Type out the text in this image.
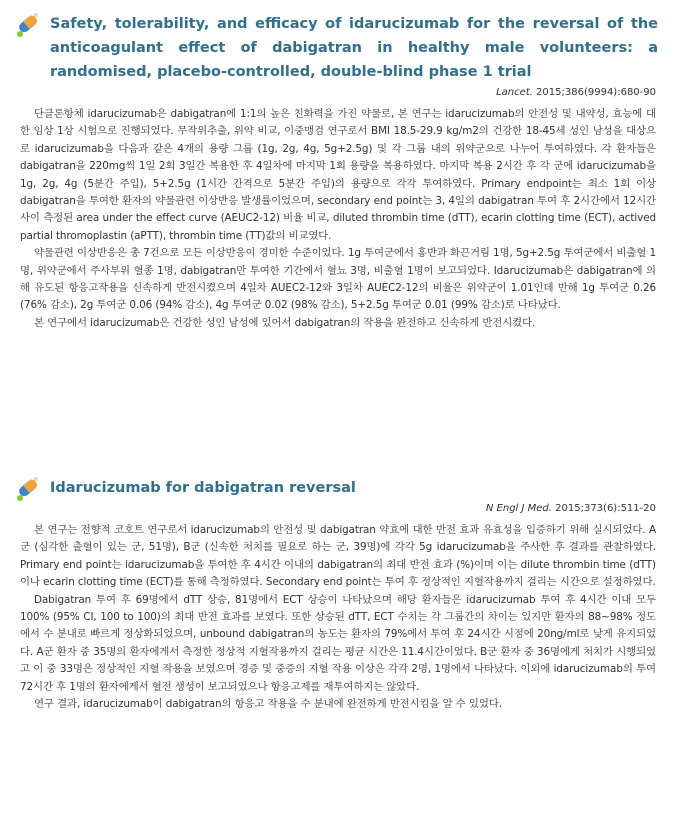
Safety, tolerability, and efficacy of idarucizumab for the reversal of the anticoagulant effect of dabigatran in healthy male volunteers: a randomised, placebo-controlled, double-blind phase 1 trial
Lancet. 2015;386(9994):680-90

단클론항체 idarucizumab은 dabigatran에 1:1의 높은 친화력을 가진 약물로, 본 연구는 idarucizumab의 안전성 및 내약성, 효능에 대한 임상 1상 시험으로 진행되었다. 무작위추출, 위약 비교, 이중맹검 연구로서 BMI 18.5-29.9 kg/m2의 건강한 18-45세 성인 남성을 대상으로 idarucizumab을 다음과 같은 4개의 용량 그룹 (1g, 2g, 4g, 5g+2.5g) 및 각 그룹 내의 위약군으로 나누어 투여하였다. 각 환자들은 dabigatran을 220mg씩 1일 2회 3일간 복용한 후 4일차에 마지막 1회 용량을 복용하였다. 마지막 복용 2시간 후 각 군에 idarucizumab을 1g, 2g, 4g (5분간 주입), 5+2.5g (1시간 간격으로 5분간 주입)의 용량으로 각각 투여하였다. Primary endpoint는 최소 1회 이상 dabigatran을 투여한 환자의 약물관련 이상반응 발생률이었으며, secondary end point는 3, 4일의 dabigatran 투여 후 2시간에서 12시간 사이 측정된 area under the effect curve (AEUC2-12) 비율 비교, diluted thrombin time (dTT), ecarin clotting time (ECT), actived partial thromoplastin (aPTT), thrombin time (TT)값의 비교였다.

약물관련 이상반응은 총 7건으로 모든 이상반응이 경미한 수준이었다. 1g 투여군에서 홍반과 화끈거림 1명, 5g+2.5g 투여군에서 비출혈 1명, 위약군에서 주사부위 혈종 1명, dabigatran만 투여한 기간에서 혈뇨 3명, 비출혈 1명이 보고되었다. Idarucizumab은 dabigatran에 의해 유도된 항응고작용을 신속하게 반전시켰으며 4일차 AUEC2-12와 3일차 AUEC2-12의 비율은 위약군이 1.01인데 반해 1g 투여군 0.26 (76% 감소), 2g 투여군 0.06 (94% 감소), 4g 투여군 0.02 (98% 감소), 5+2.5g 투여군 0.01 (99% 감소)로 나타났다.

본 연구에서 idarucizumab은 건강한 성인 남성에 있어서 dabigatran의 작용을 완전하고 신속하게 반전시켰다.

Idarucizumab for dabigatran reversal
N Engl J Med. 2015;373(6):511-20

본 연구는 전향적 코호트 연구로서 idarucizumab의 안전성 및 dabigatran 약효에 대한 반전 효과 유효성을 입증하기 위해 실시되었다. A군 (심각한 출혈이 있는 군, 51명), B군 (신속한 처치를 필요로 하는 군, 39명)에 각각 5g idarucizumab을 주사한 후 결과를 관찰하였다. Primary end point는 idarucizumab을 투여한 후 4시간 이내의 dabigatran의 최대 반전 효과 (%)이며 이는 dilute thrombin time (dTT) 이나 ecarin clotting time (ECT)를 통해 측정하였다. Secondary end point는 투여 후 정상적인 지혈작용까지 걸리는 시간으로 설정하였다.

Dabigatran 투여 후 69명에서 dTT 상승, 81명에서 ECT 상승이 나타났으며 해당 환자들은 idarucizumab 투여 후 4시간 이내 모두 100% (95% CI, 100 to 100)의 최대 반전 효과를 보였다. 또한 상승된 dTT, ECT 수치는 각 그룹간의 차이는 있지만 환자의 88~98% 정도에서 수 분내로 빠르게 정상화되었으며, unbound dabigatran의 농도는 환자의 79%에서 투여 후 24시간 시점에 20ng/ml로 낮게 유지되었다. A군 환자 중 35명의 환자에게서 측정한 정상적 지혈작용까지 걸리는 평균 시간은 11.4시간이었다. B군 환자 중 36명에게 처치가 시행되었고 이 중 33명은 정상적인 지혈 작용을 보였으며 경증 및 중증의 지혈 작용 이상은 각각 2명, 1명에서 나타났다. 이외에 idarucizumab의 투여 72시간 후 1명의 환자에게서 혈전 생성이 보고되었으나 항응고제를 재투여하지는 않았다.

연구 결과, idarucizumab이 dabigatran의 항응고 작용을 수 분내에 완전하게 반전시킴을 알 수 있었다.
